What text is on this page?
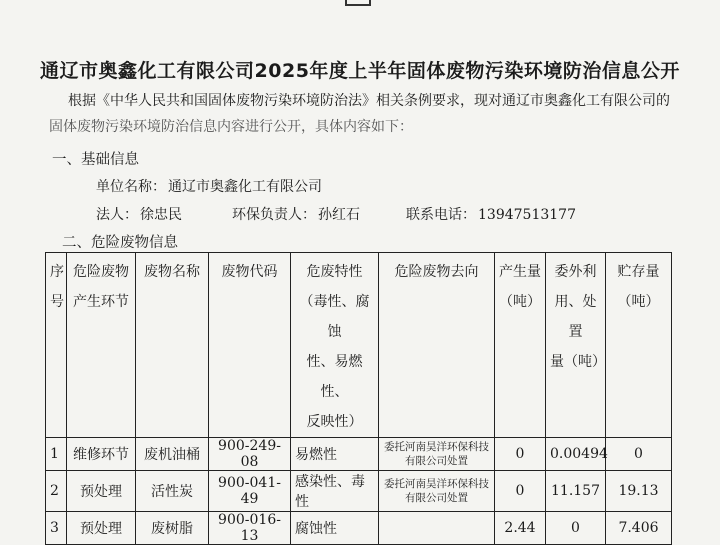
通辽市奥鑫化工有限公司2025年度上半年固体废物污染环境防治信息公开
根据《中华人民共和国固体废物污染环境防治法》相关条例要求，现对通辽市奥鑫化工有限公司的
固体废物污染环境防治信息内容进行公开，具体内容如下：
一、基础信息
单位名称： 通辽市奥鑫化工有限公司
法人： 徐忠民	环保负责人： 孙红石	联系电话： 13947513177
二、危险废物信息
序
号	危险废物
产生环节	废物名称	废物代码	危废特性
（毒性、腐蚀
性、易燃性、
反映性）	危险废物去向	产生量
（吨）	委外利
用、处置
量（吨）	贮存量
（吨）
1	维修环节	废机油桶	900-249-08	易燃性	委托河南昊洋环保科技有限公司处置	0	0.00494	0
2	预处理	活性炭	900-041-49	感染性、毒性	委托河南昊洋环保科技有限公司处置	0	11.157	19.13
3	预处理	废树脂	900-016-13	腐蚀性		2.44	0	7.406
